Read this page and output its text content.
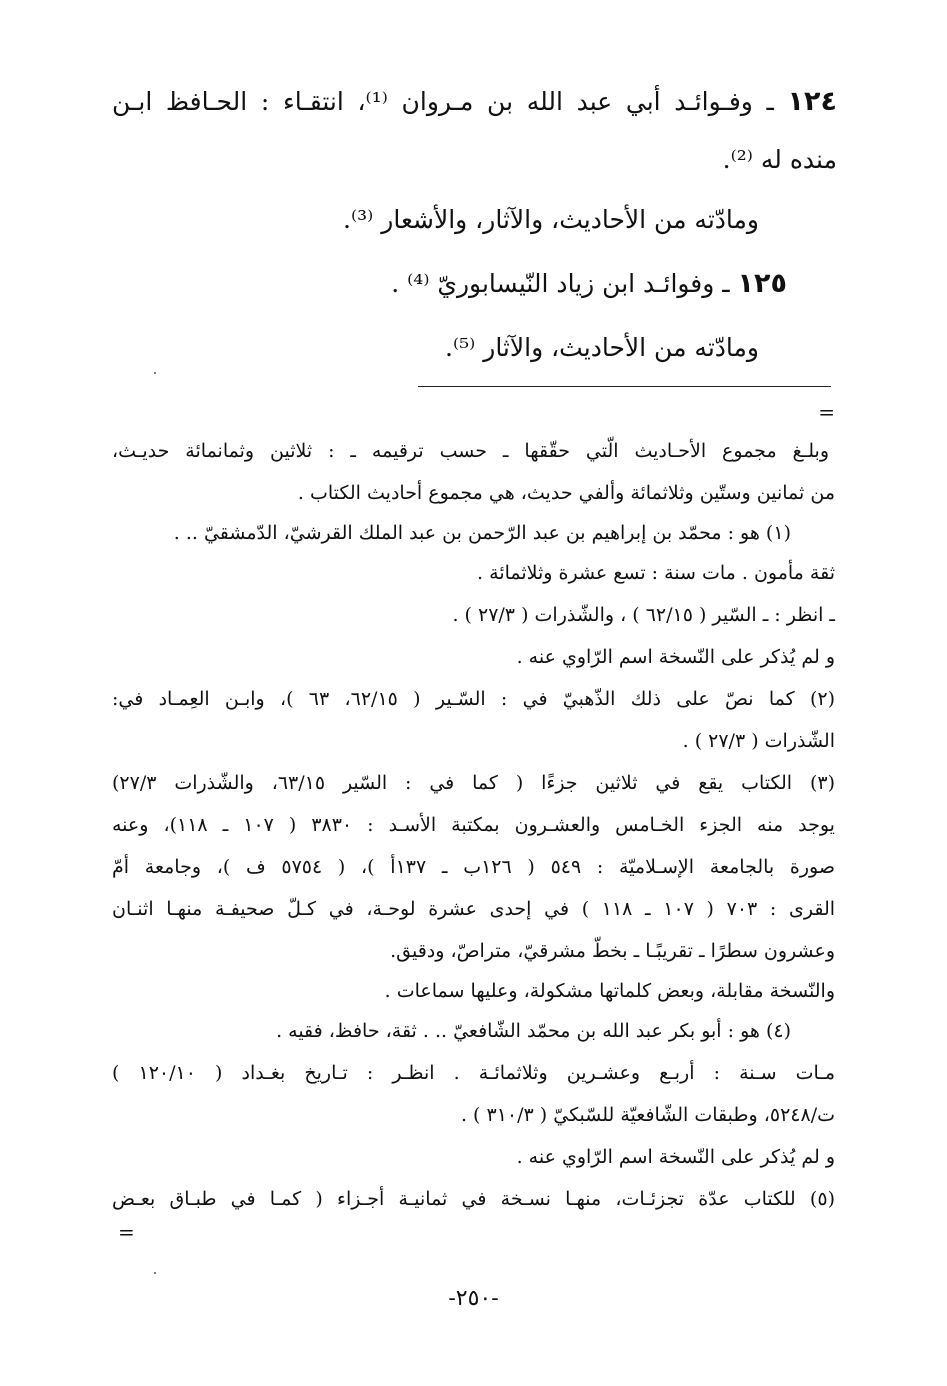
١٢٤ ـ وفـوائـد أبي عبد الله بن مـروان ⁽¹⁾، انتقـاء : الحـافظ ابـن
منده له ⁽²⁾.
ومادّته من الأحاديث، والآثار، والأشعار ⁽³⁾.
١٢٥ ـ وفوائـد ابن زياد النّيسابوريّ ⁽⁴⁾ .
ومادّته من الأحاديث، والآثار ⁽⁵⁾.
=
وبلـغ مجموع الأحـاديث الّتي حقّقها ـ حسب ترقيمه ـ : ثلاثين وثمانمائة حديـث،
من ثمانين وستّين وثلاثمائة وألفي حديث، هي مجموع أحاديث الكتاب .
(١) هو : محمّد بن إبراهيم بن عبد الرّحمن بن عبد الملك القرشيّ، الدّمشقيّ .. .
ثقة مأمون . مات سنة : تسع عشرة وثلاثمائة .
ـ انظر : ـ السّير ( ٦٢/١٥ ) ، والشّذرات ( ٢٧/٣ ) .
و لم يُذكر على النّسخة اسم الرّاوي عنه .
(٢) كما نصّ على ذلك الذّهبيّ في : السّـير ( ٦٢/١٥، ٦٣ )، وابـن العِمـاد في:
الشّذرات ( ٢٧/٣ ) .
(٣) الكتاب يقع في ثلاثين جزءًا ( كما في : السّير ٦٣/١٥، والشّذرات ٢٧/٣)
يوجد منه الجزء الخـامس والعشـرون بمكتبة الأسـد : ٣٨٣٠ ( ١٠٧ ـ ١١٨)، وعنه
صورة بالجامعة الإسـلاميّة : ٥٤٩ ( ١٢٦ب ـ ١٣٧أ )، ( ٥٧٥٤ ف )، وجامعة أمّ
القرى : ٧٠٣ ( ١٠٧ ـ ١١٨ ) في إحدى عشرة لوحـة، في كـلّ صحيفـة منهـا اثنـان
وعشرون سطرًا ـ تقريبًـا ـ بخطّ مشرقيّ، متراصّ، ودقيق.
والنّسخة مقابلة، وبعض كلماتها مشكولة، وعليها سماعات .
(٤) هو : أبو بكر عبد الله بن محمّد الشّافعيّ .. . ثقة، حافظ، فقيه .
مـات سـنة : أربـع وعشـرين وثلاثمائـة . انظـر : تـاريخ بغـداد ( ١٢٠/١٠ )
ت/٥٢٤٨، وطبقات الشّافعيّة للسّبكيّ ( ٣١٠/٣ ) .
و لم يُذكر على النّسخة اسم الرّاوي عنه .
(٥) للكتاب عدّة تجزئـات، منهـا نسـخة في ثمانيـة أجـزاء ( كمـا في طبـاق بعـض
=
-٢٥٠-
